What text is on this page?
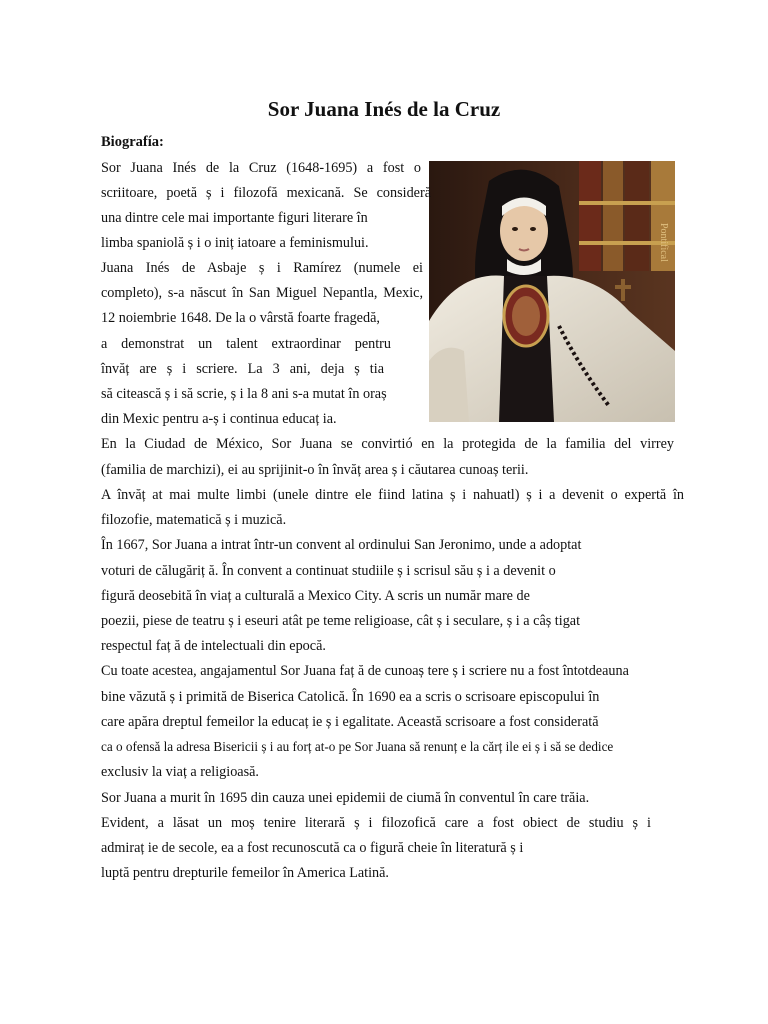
Sor Juana Inés de la Cruz
Biografía:
Pontifical
Sor Juana Inés de la Cruz (1648-1695) a fost o
scriitoare, poetă ș i filozofă mexicană. Se consideră
una dintre cele mai importante figuri literare în
limba spaniolă ș i o iniț iatoare a feminismului.
Juana Inés de Asbaje ș i Ramírez (numele ei
completo), s-a născut în San Miguel Nepantla, Mexic,
12 noiembrie 1648. De la o vârstă foarte fragedă,
a demonstrat un talent extraordinar pentru
învăț are ș i scriere. La 3 ani, deja ș tia
să citească ș i să scrie, ș i la 8 ani s-a mutat în oraș
din Mexic pentru a-ș i continua educaț ia.
En la Ciudad de México, Sor Juana se convirtió en la protegida de la familia del virrey
(familia de marchizi), ei au sprijinit-o în învăț area ș i căutarea cunoaș terii.
A învăț at mai multe limbi (unele dintre ele fiind latina ș i nahuatl) ș i a devenit o expertă în
filozofie, matematică ș i muzică.
În 1667, Sor Juana a intrat într-un convent al ordinului San Jeronimo, unde a adoptat
voturi de călugăriț ă. În convent a continuat studiile ș i scrisul său ș i a devenit o
figură deosebită în viaț a culturală a Mexico City. A scris un număr mare de
poezii, piese de teatru ș i eseuri atât pe teme religioase, cât ș i seculare, ș i a câș tigat
respectul faț ă de intelectuali din epocă.
Cu toate acestea, angajamentul Sor Juana faț ă de cunoaș tere ș i scriere nu a fost întotdeauna
bine văzută ș i primită de Biserica Catolică. În 1690 ea a scris o scrisoare episcopului în
care apăra dreptul femeilor la educaț ie ș i egalitate. Această scrisoare a fost considerată
ca o ofensă la adresa Bisericii ș i au forț at-o pe Sor Juana să renunț e la cărț ile ei ș i să se dedice
exclusiv la viaț a religioasă.
Sor Juana a murit în 1695 din cauza unei epidemii de ciumă în conventul în care trăia.
Evident, a lăsat un moș tenire literară ș i filozofică care a fost obiect de studiu ș i
admiraț ie de secole, ea a fost recunoscută ca o figură cheie în literatură ș i
luptă pentru drepturile femeilor în America Latină.
